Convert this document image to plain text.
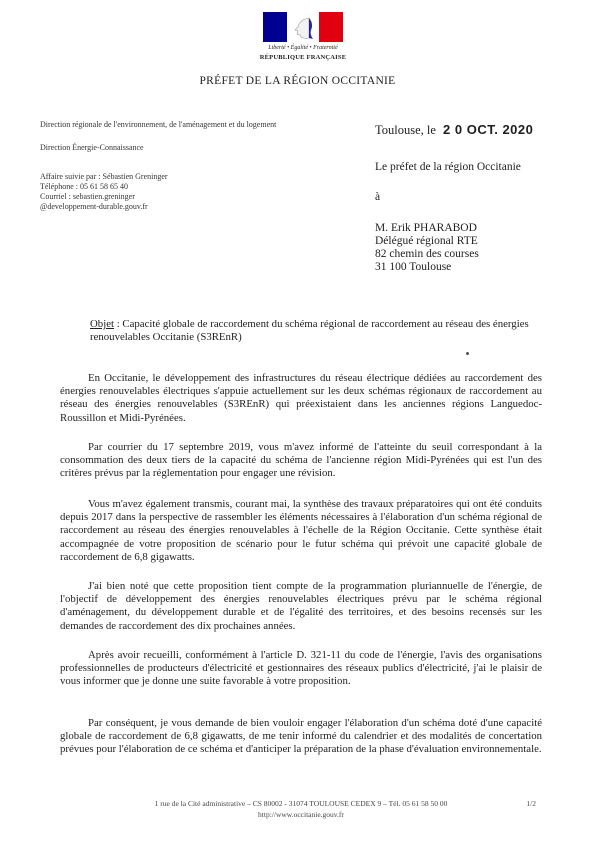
Liberté • Égalité • Fraternité
RÉPUBLIQUE FRANÇAISE
PRÉFET DE LA RÉGION OCCITANIE
Direction régionale de l'environnement, de l'aménagement et du logement
Direction Énergie-Connaissance
Affaire suivie par : Sébastien Greninger
Téléphone : 05 61 58 65 40
Courriel : sebastien.greninger
@developpement-durable.gouv.fr
Toulouse, le 2 0 OCT. 2020
Le préfet de la région Occitanie
à
M. Erik PHARABOD
Délégué régional RTE
82 chemin des courses
31 100 Toulouse
Objet : Capacité globale de raccordement du schéma régional de raccordement au réseau des énergies renouvelables Occitanie (S3REnR)
En Occitanie, le développement des infrastructures du réseau électrique dédiées au raccordement des énergies renouvelables électriques s'appuie actuellement sur les deux schémas régionaux de raccordement au réseau des énergies renouvelables (S3REnR) qui préexistaient dans les anciennes régions Languedoc-Roussillon et Midi-Pyrénées.
Par courrier du 17 septembre 2019, vous m'avez informé de l'atteinte du seuil correspondant à la consommation des deux tiers de la capacité du schéma de l'ancienne région Midi-Pyrénées qui est l'un des critères prévus par la réglementation pour engager une révision.
Vous m'avez également transmis, courant mai, la synthèse des travaux préparatoires qui ont été conduits depuis 2017 dans la perspective de rassembler les éléments nécessaires à l'élaboration d'un schéma régional de raccordement au réseau des énergies renouvelables à l'échelle de la Région Occitanie. Cette synthèse était accompagnée de votre proposition de scénario pour le futur schéma qui prévoit une capacité globale de raccordement de 6,8 gigawatts.
J'ai bien noté que cette proposition tient compte de la programmation pluriannuelle de l'énergie, de l'objectif de développement des énergies renouvelables électriques prévu par le schéma régional d'aménagement, du développement durable et de l'égalité des territoires, et des besoins recensés sur les demandes de raccordement des dix prochaines années.
Après avoir recueilli, conformément à l'article D. 321-11 du code de l'énergie, l'avis des organisations professionnelles de producteurs d'électricité et gestionnaires des réseaux publics d'électricité, j'ai le plaisir de vous informer que je donne une suite favorable à votre proposition.
Par conséquent, je vous demande de bien vouloir engager l'élaboration d'un schéma doté d'une capacité globale de raccordement de 6,8 gigawatts, de me tenir informé du calendrier et des modalités de concertation prévues pour l'élaboration de ce schéma et d'anticiper la préparation de la phase d'évaluation environnementale.
1 rue de la Cité administrative – CS 80002 - 31074 TOULOUSE CEDEX 9 – Tél. 05 61 58 50 00	1/2
http://www.occitanie.gouv.fr
